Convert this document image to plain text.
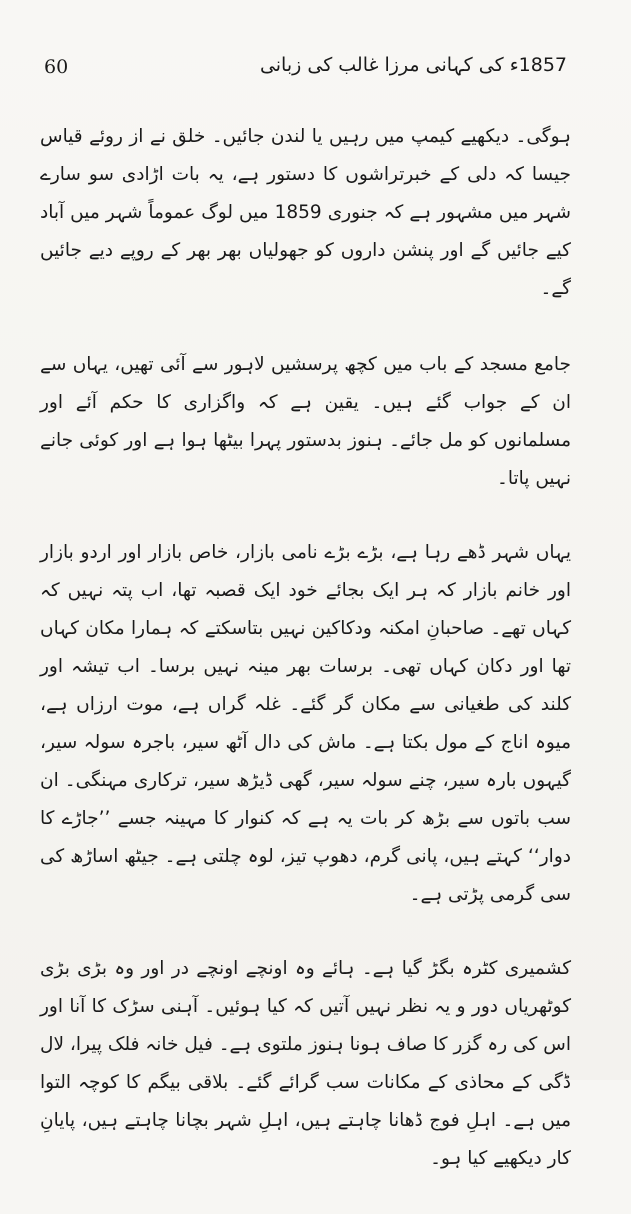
60	1857ء کی کہانی مرزا غالب کی زبانی

ہوگی۔ دیکھیے کیمپ میں رہیں یا لندن جائیں۔ خلق نے از روئے قیاس جیسا کہ دلی کے خبرتراشوں کا دستور ہے، یہ بات اڑادی سو سارے شہر میں مشہور ہے کہ جنوری 1859 میں لوگ عموماً شہر میں آباد کیے جائیں گے اور پنشن داروں کو جھولیاں بھر بھر کے روپے دیے جائیں گے۔

جامع مسجد کے باب میں کچھ پرسشیں لاہور سے آئی تھیں، یہاں سے ان کے جواب گئے ہیں۔ یقین ہے کہ واگزاری کا حکم آئے اور مسلمانوں کو مل جائے۔ ہنوز بدستور پہرا بیٹھا ہوا ہے اور کوئی جانے نہیں پاتا۔

یہاں شہر ڈھے رہا ہے، بڑے بڑے نامی بازار، خاص بازار اور اردو بازار اور خانم بازار کہ ہر ایک بجائے خود ایک قصبہ تھا، اب پتہ نہیں کہ کہاں تھے۔ صاحبانِ امکنہ ودکاکین نہیں بتاسکتے کہ ہمارا مکان کہاں تھا اور دکان کہاں تھی۔ برسات بھر مینہ نہیں برسا۔ اب تیشہ اور کلند کی طغیانی سے مکان گر گئے۔ غلہ گراں ہے، موت ارزاں ہے، میوہ اناج کے مول بکتا ہے۔ ماش کی دال آٹھ سیر، باجرہ سولہ سیر، گیہوں بارہ سیر، چنے سولہ سیر، گھی ڈیڑھ سیر، ترکاری مہنگی۔ ان سب باتوں سے بڑھ کر بات یہ ہے کہ کنوار کا مہینہ جسے ’’جاڑے کا دوار‘‘ کہتے ہیں، پانی گرم، دھوپ تیز، لوہ چلتی ہے۔ جیٹھ اساڑھ کی سی گرمی پڑتی ہے۔

کشمیری کٹرہ بگڑ گیا ہے۔ ہائے وہ اونچے اونچے در اور وہ بڑی بڑی کوٹھریاں دور و یہ نظر نہیں آتیں کہ کیا ہوئیں۔ آہنی سڑک کا آنا اور اس کی رہ گزر کا صاف ہونا ہنوز ملتوی ہے۔ فیل خانہ فلک پیرا، لال ڈگی کے محاذی کے مکانات سب گرائے گئے۔ بلاقی بیگم کا کوچہ التوا میں ہے۔ اہلِ فوج ڈھانا چاہتے ہیں، اہلِ شہر بچانا چاہتے ہیں، پایانِ کار دیکھیے کیا ہو۔
